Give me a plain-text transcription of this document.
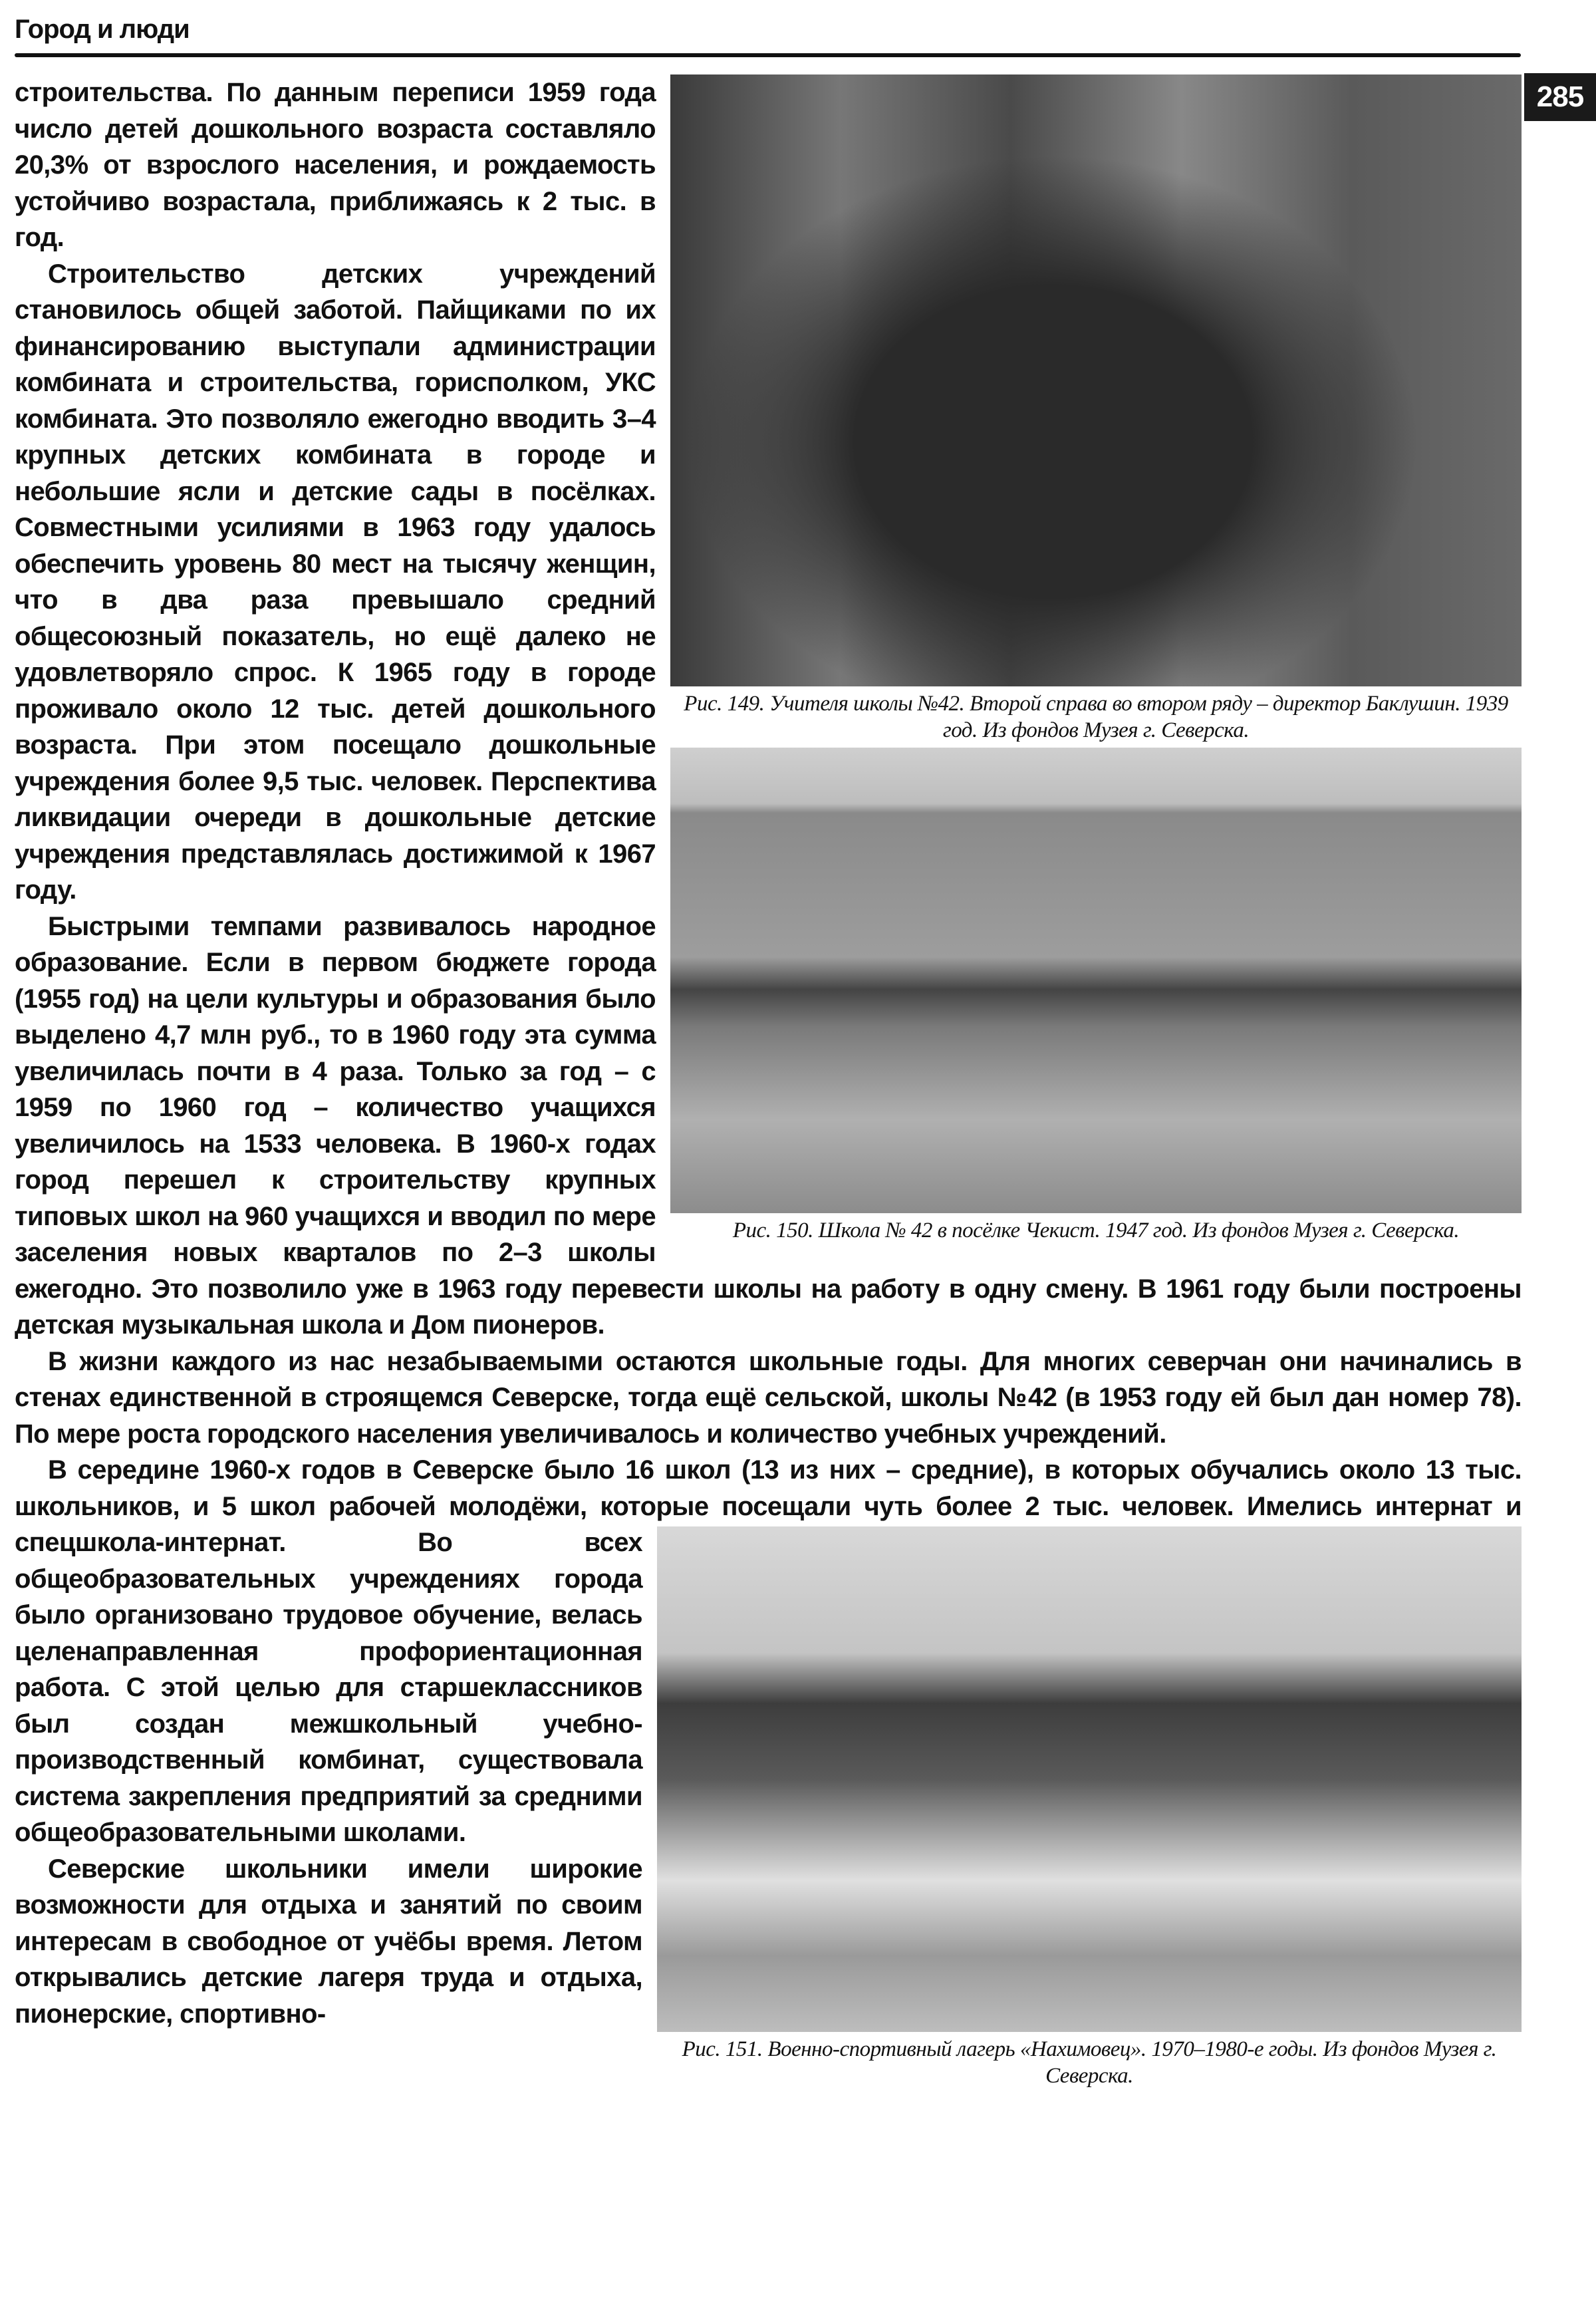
Город и люди
285
Рис. 149. Учителя школы №42. Второй справа во втором ряду – директор Баклушин. 1939 год. Из фондов Музея г. Северска.
Рис. 150. Школа № 42 в посёлке Чекист. 1947 год. Из фондов Музея г. Северска.

строительства. По данным переписи 1959 года число детей дошкольного возраста составляло 20,3% от взрослого населения, и рождаемость устойчиво возрастала, приближаясь к 2 тыс. в год.

Строительство детских учреждений становилось общей заботой. Пайщиками по их финансированию выступали администрации комбината и строительства, горисполком, УКС комбината. Это позволяло ежегодно вводить 3–4 крупных детских комбината в городе и небольшие ясли и детские сады в посёлках. Совместными усилиями в 1963 году удалось обеспечить уровень 80 мест на тысячу женщин, что в два раза превышало средний общесоюзный показатель, но ещё далеко не удовлетворяло спрос. К 1965 году в городе проживало около 12 тыс. детей дошкольного возраста. При этом посещало дошкольные учреждения более 9,5 тыс. человек. Перспектива ликвидации очереди в дошкольные детские учреждения представлялась достижимой к 1967 году.

Быстрыми темпами развивалось народное образование. Если в первом бюджете города (1955 год) на цели культуры и образования было выделено 4,7 млн руб., то в 1960 году эта сумма увеличилась почти в 4 раза. Только за год – с 1959 по 1960 год – количество учащихся увеличилось на 1533 человека. В 1960-х годах город перешел к строительству крупных типовых школ на 960 учащихся и вводил по мере заселения новых кварталов по 2–3 школы ежегодно. Это позволило уже в 1963 году перевести школы на работу в одну смену. В 1961 году были построены детская музыкальная школа и Дом пионеров.

В жизни каждого из нас незабываемыми остаются школьные годы. Для многих северчан они начинались в стенах единственной в строящемся Северске, тогда ещё сельской, школы №42 (в 1953 году ей был дан номер 78). По мере роста городского населения увеличивалось и количество учебных учреждений.

Рис. 151. Военно-спортивный лагерь «Нахимовец». 1970–1980-е годы. Из фондов Музея г. Северска.

В середине 1960-х годов в Северске было 16 школ (13 из них – средние), в которых обучались около 13 тыс. школьников, и 5 школ рабочей молодёжи, которые посещали чуть более 2 тыс. человек. Имелись интернат и спецшкола-интернат. Во всех общеобразовательных учреждениях города было организовано трудовое обучение, велась целенаправленная профориентационная работа. С этой целью для старшеклассников был создан межшкольный учебно-производственный комбинат, существовала система закрепления предприятий за средними общеобразовательными школами.

Северские школьники имели широкие возможности для отдыха и занятий по своим интересам в свободное от учёбы время. Летом открывались детские лагеря труда и отдыха, пионерские, спортивно-
